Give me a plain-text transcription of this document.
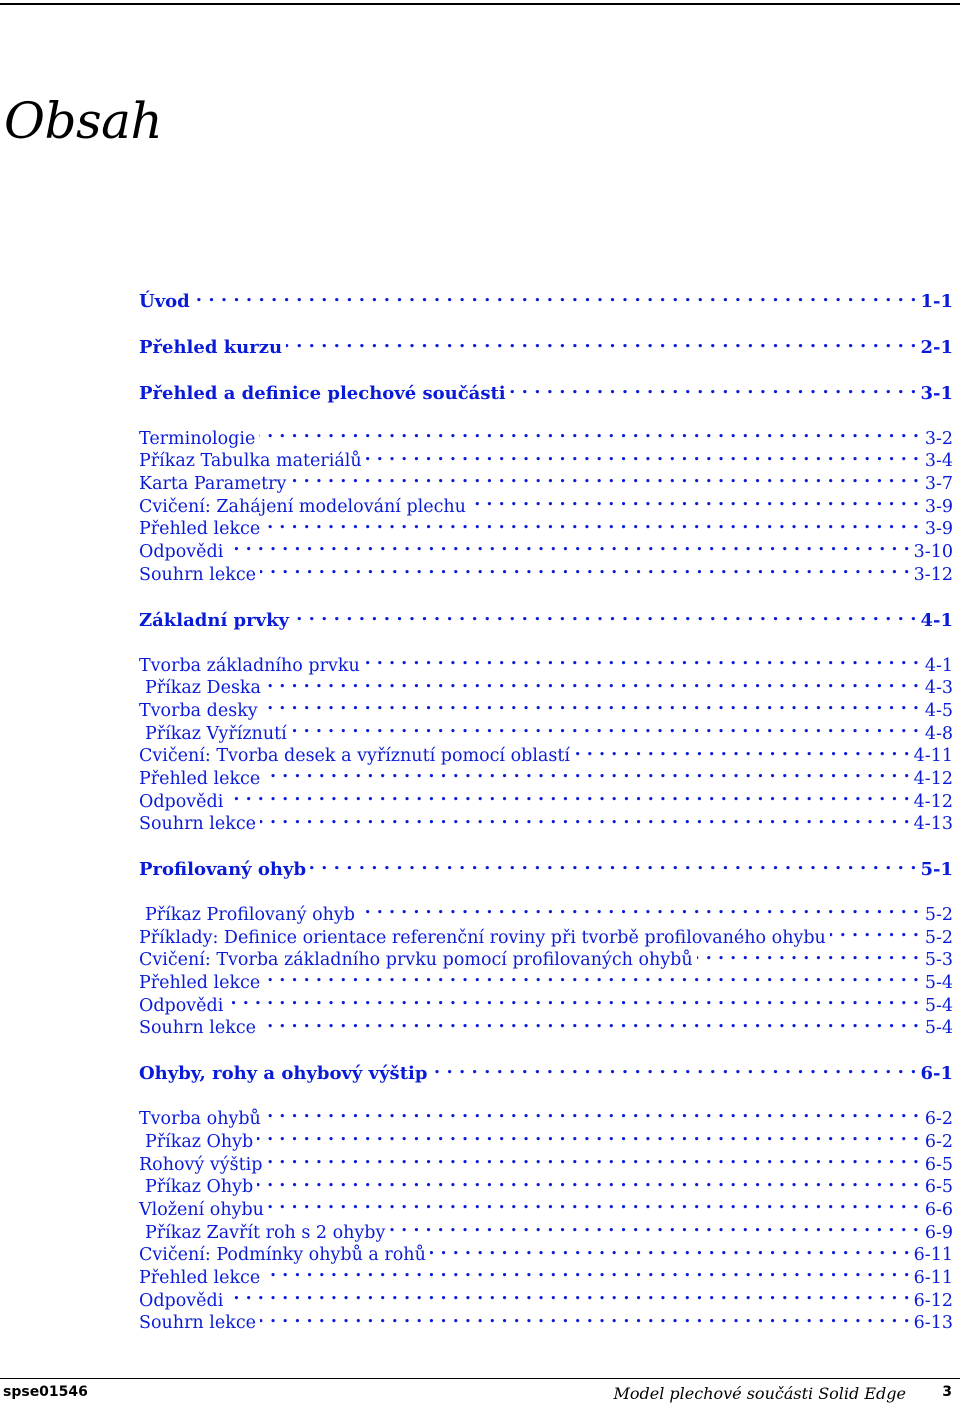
Obsah
Úvod . . .	1-1
Přehled kurzu . . .	2-1
Přehled a definice plechové součásti . . .	3-1
Terminologie . . .	3-2
Příkaz Tabulka materiálů . . .	3-4
Karta Parametry . . .	3-7
Cvičení: Zahájení modelování plechu . . .	3-9
Přehled lekce . . .	3-9
Odpovědi . . .	3-10
Souhrn lekce . . .	3-12
Základní prvky . . .	4-1
Tvorba základního prvku . . .	4-1
Příkaz Deska . . .	4-3
Tvorba desky . . .	4-5
Příkaz Vyříznutí . . .	4-8
Cvičení: Tvorba desek a vyříznutí pomocí oblastí . . .	4-11
Přehled lekce . . .	4-12
Odpovědi . . .	4-12
Souhrn lekce . . .	4-13
Profilovaný ohyb . . .	5-1
Příkaz Profilovaný ohyb . . .	5-2
Příklady: Definice orientace referenční roviny při tvorbě profilovaného ohybu . . .	5-2
Cvičení: Tvorba základního prvku pomocí profilovaných ohybů . . .	5-3
Přehled lekce . . .	5-4
Odpovědi . . .	5-4
Souhrn lekce . . .	5-4
Ohyby, rohy a ohybový výštip . . .	6-1
Tvorba ohybů . . .	6-2
Příkaz Ohyb . . .	6-2
Rohový výštip . . .	6-5
Příkaz Ohyb . . .	6-5
Vložení ohybu . . .	6-6
Příkaz Zavřít roh s 2 ohyby . . .	6-9
Cvičení: Podmínky ohybů a rohů . . .	6-11
Přehled lekce . . .	6-11
Odpovědi . . .	6-12
Souhrn lekce . . .	6-13
spse01546	Model plechové součásti Solid Edge	3
